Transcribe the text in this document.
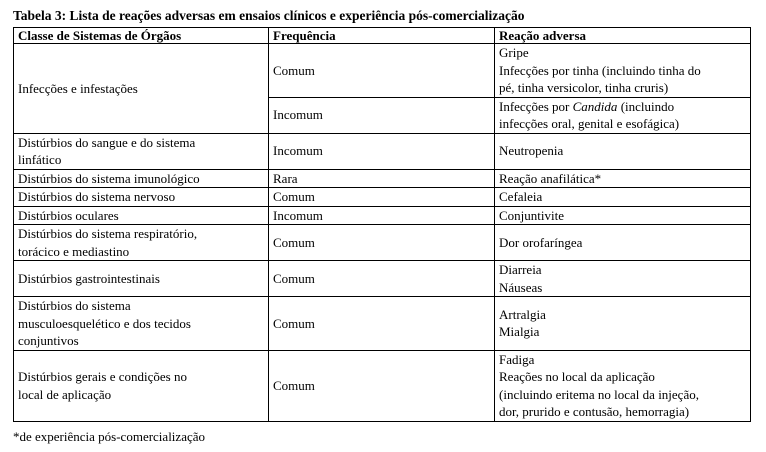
Tabela 3: Lista de reações adversas em ensaios clínicos e experiência pós-comercialização
Classe de Sistemas de Órgãos	Frequência	Reação adversa

Infecções e infestações	Comum	Gripe
Infecções por tinha (incluindo tinha do
pé, tinha versicolor, tinha cruris)

	Incomum	Infecções por Candida (incluindo
infecções oral, genital e esofágica)

Distúrbios do sangue e do sistema
linfático	Incomum	Neutropenia

Distúrbios do sistema imunológico	Rara	Reação anafilática*

Distúrbios do sistema nervoso	Comum	Cefaleia

Distúrbios oculares	Incomum	Conjuntivite

Distúrbios do sistema respiratório,
torácico e mediastino	Comum	Dor orofaríngea

Distúrbios gastrointestinais	Comum	Diarreia
Náuseas

Distúrbios do sistema
musculoesquelético e dos tecidos
conjuntivos	Comum	Artralgia
Mialgia

Distúrbios gerais e condições no
local de aplicação	Comum	Fadiga
Reações no local da aplicação
(incluindo eritema no local da injeção,
dor, prurido e contusão, hemorragia)
*de experiência pós-comercialização
